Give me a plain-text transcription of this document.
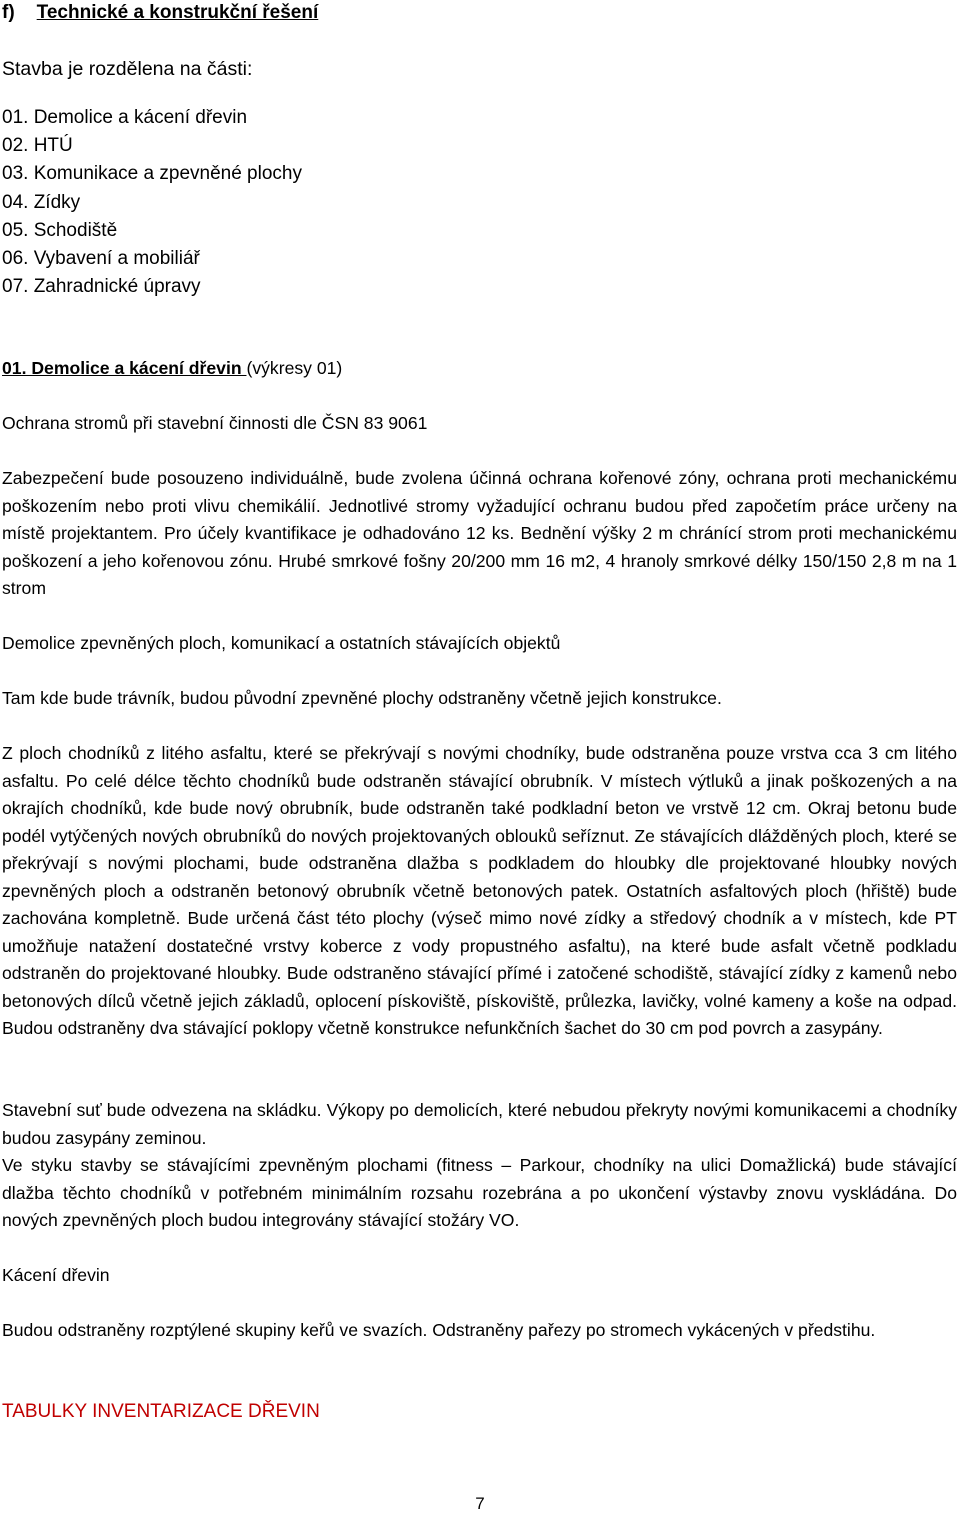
f) Technické a konstrukční řešení
Stavba je rozdělena na části:
01. Demolice a kácení dřevin
02. HTÚ
03. Komunikace a zpevněné plochy
04. Zídky
05. Schodiště
06. Vybavení a mobiliář
07. Zahradnické úpravy

01. Demolice a kácení dřevin (výkresy 01)

Ochrana stromů při stavební činnosti dle ČSN 83 9061

Zabezpečení bude posouzeno individuálně, bude zvolena účinná ochrana kořenové zóny, ochrana proti mechanickému poškozením nebo proti vlivu chemikálií. Jednotlivé stromy vyžadující ochranu budou před započetím práce určeny na místě projektantem. Pro účely kvantifikace je odhadováno 12 ks. Bednění výšky 2 m chránící strom proti mechanickému poškození a jeho kořenovou zónu. Hrubé smrkové fošny 20/200 mm 16 m2, 4 hranoly smrkové délky 150/150 2,8 m na 1 strom

Demolice zpevněných ploch, komunikací a ostatních stávajících objektů

Tam kde bude trávník, budou původní zpevněné plochy odstraněny včetně jejich konstrukce.

Z ploch chodníků z litého asfaltu, které se překrývají s novými chodníky, bude odstraněna pouze vrstva cca 3 cm litého asfaltu. Po celé délce těchto chodníků bude odstraněn stávající obrubník. V místech výtluků a jinak poškozených a na okrajích chodníků, kde bude nový obrubník, bude odstraněn také podkladní beton ve vrstvě 12 cm. Okraj betonu bude podél vytýčených nových obrubníků do nových projektovaných oblouků seříznut. Ze stávajících dlážděných ploch, které se překrývají s novými plochami, bude odstraněna dlažba s podkladem do hloubky dle projektované hloubky nových zpevněných ploch a odstraněn betonový obrubník včetně betonových patek. Ostatních asfaltových ploch (hřiště) bude zachována kompletně. Bude určená část této plochy (výseč mimo nové zídky a středový chodník a v místech, kde PT umožňuje natažení dostatečné vrstvy koberce z vody propustného asfaltu), na které bude asfalt včetně podkladu odstraněn do projektované hloubky. Bude odstraněno stávající přímé i zatočené schodiště, stávající zídky z kamenů nebo betonových dílců včetně jejich základů, oplocení pískoviště, pískoviště, průlezka, lavičky, volné kameny a koše na odpad. Budou odstraněny dva stávající poklopy včetně konstrukce nefunkčních šachet do 30 cm pod povrch a zasypány.

Stavební suť bude odvezena na skládku. Výkopy po demolicích, které nebudou překryty novými komunikacemi a chodníky budou zasypány zeminou.

Ve styku stavby se stávajícími zpevněným plochami (fitness – Parkour, chodníky na ulici Domažlická) bude stávající dlažba těchto chodníků v potřebném minimálním rozsahu rozebrána a po ukončení výstavby znovu vyskládána. Do nových zpevněných ploch budou integrovány stávající stožáry VO.

Kácení dřevin

Budou odstraněny rozptýlené skupiny keřů ve svazích. Odstraněny pařezy po stromech vykácených v předstihu.

TABULKY INVENTARIZACE DŘEVIN
7
